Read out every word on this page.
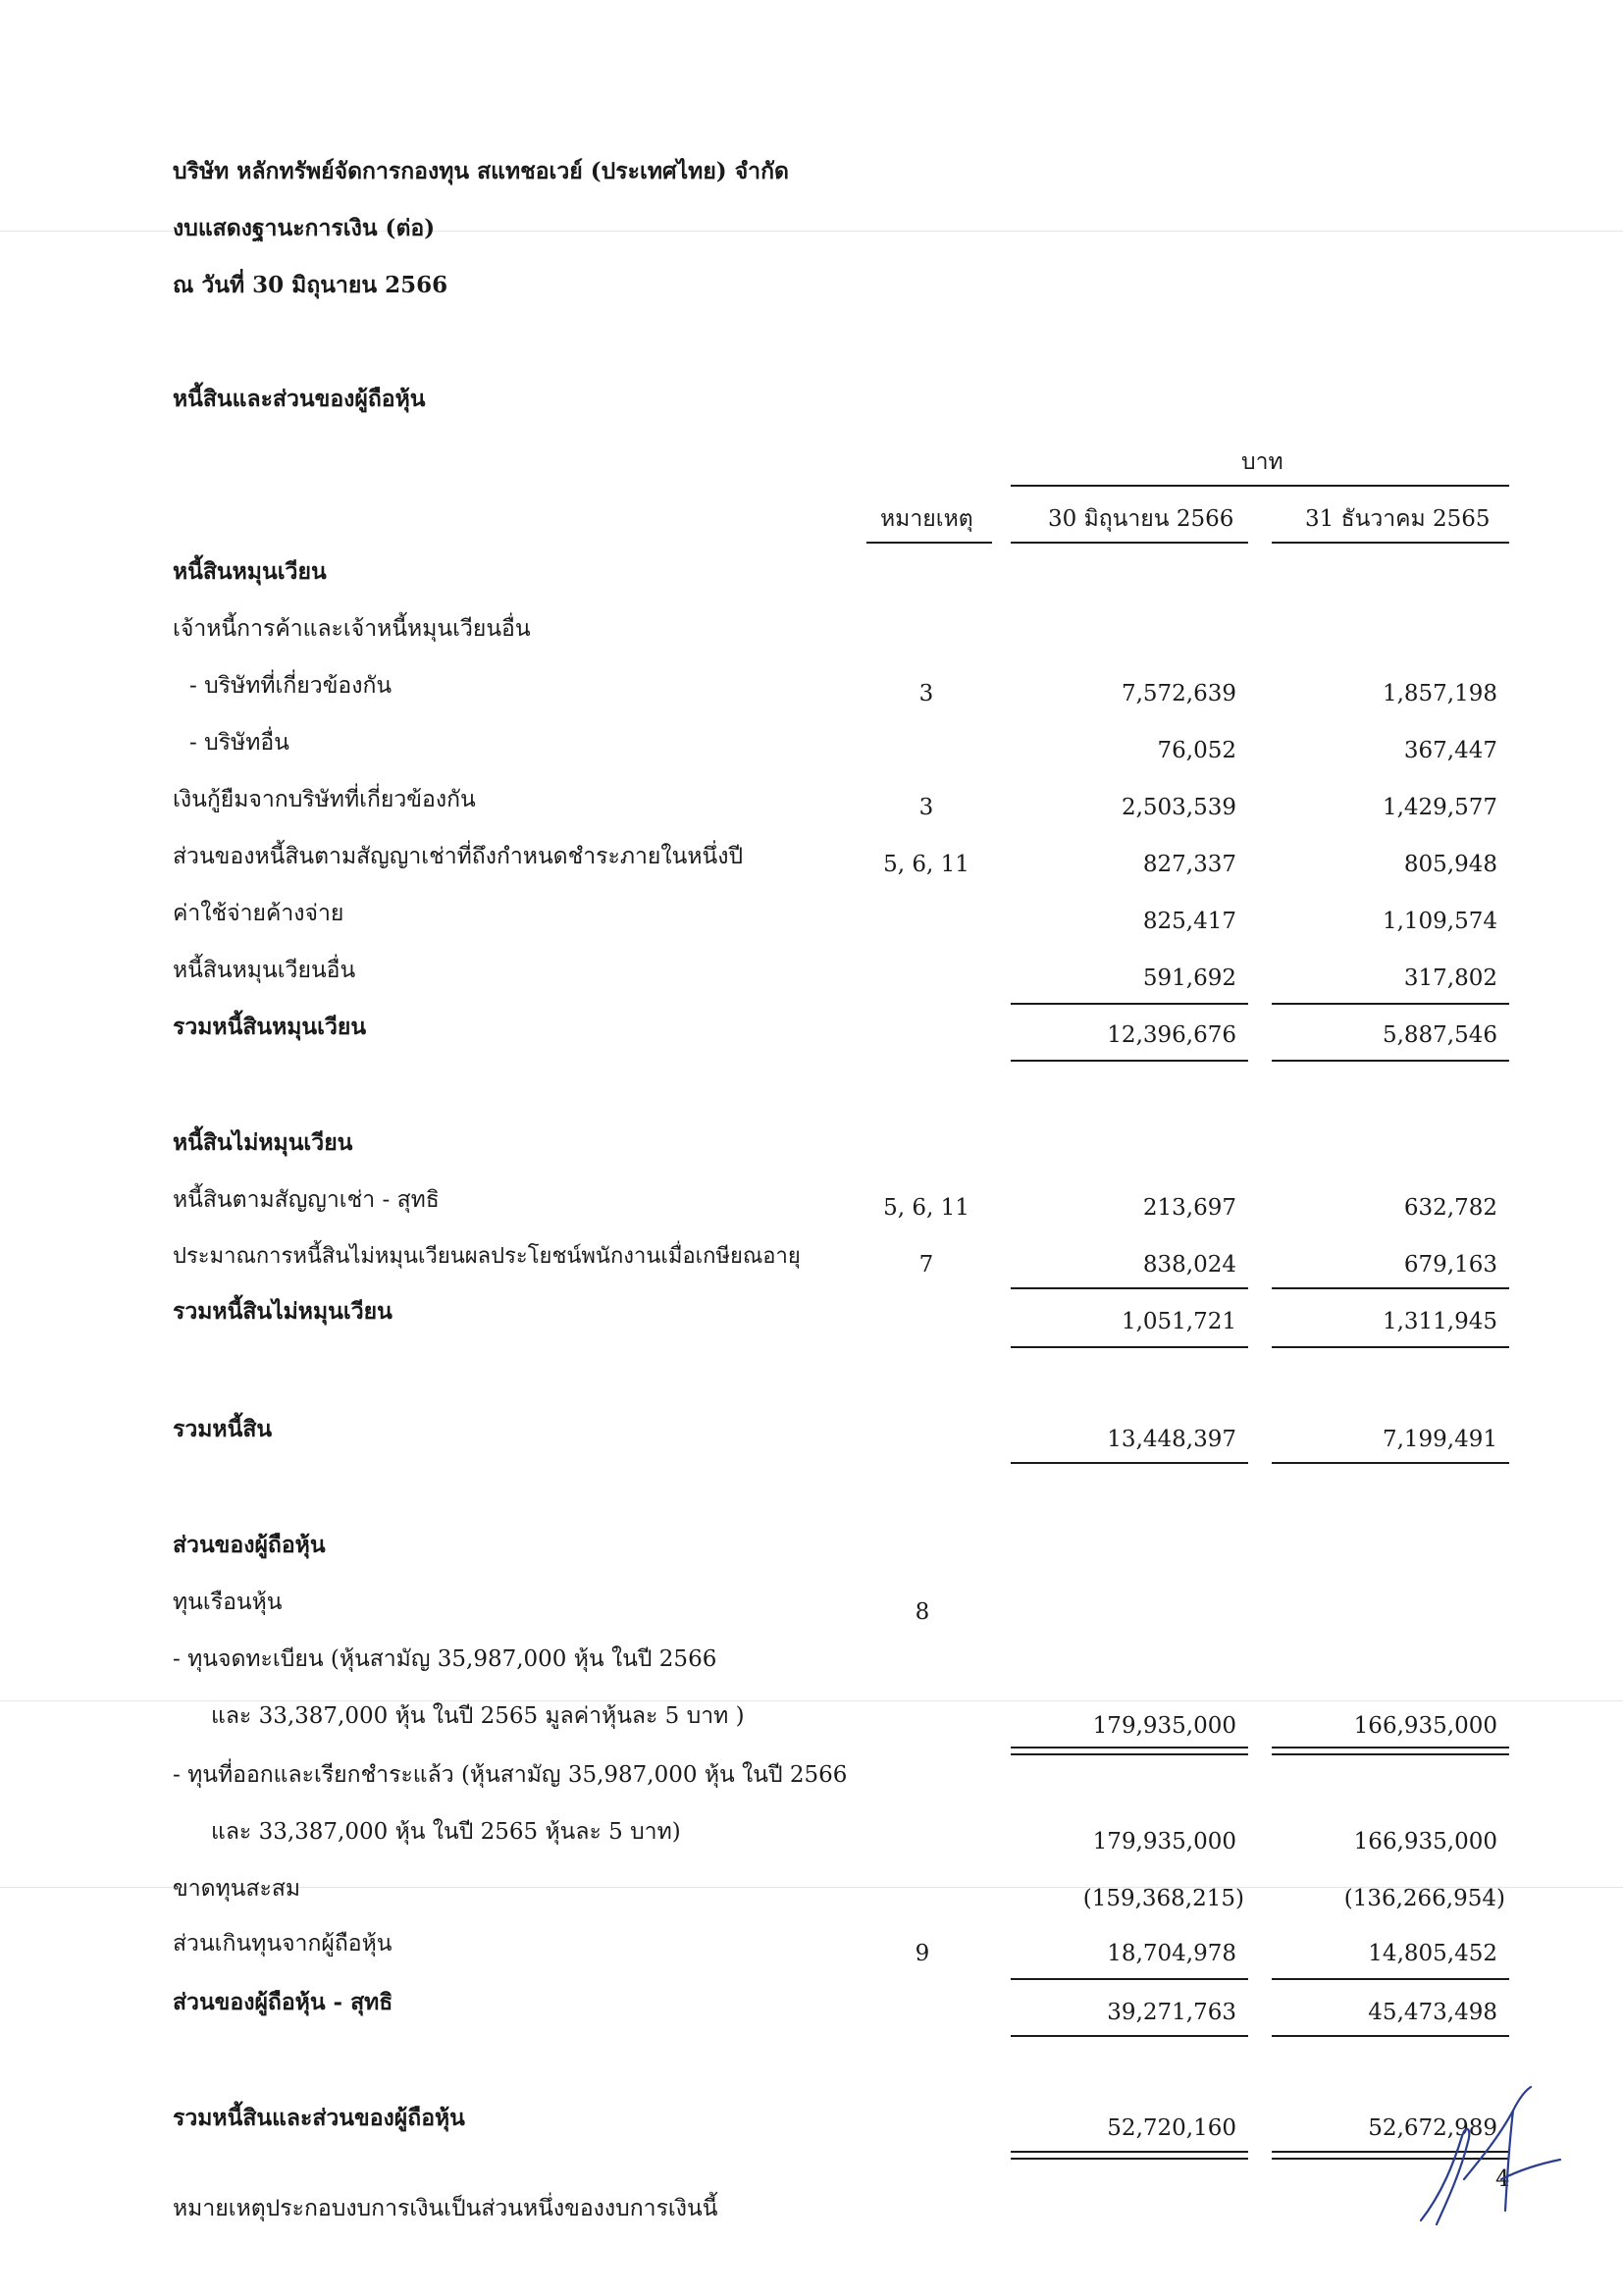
บริษัท หลักทรัพย์จัดการกองทุน สแทชอเวย์ (ประเทศไทย) จำกัด
งบแสดงฐานะการเงิน (ต่อ)
ณ วันที่ 30 มิถุนายน 2566
หนี้สินและส่วนของผู้ถือหุ้น
บาท
หมายเหตุ	30 มิถุนายน 2566	31 ธันวาคม 2565
หนี้สินหมุนเวียน
เจ้าหนี้การค้าและเจ้าหนี้หมุนเวียนอื่น
- บริษัทที่เกี่ยวข้องกัน	3	7,572,639	1,857,198
- บริษัทอื่น	76,052	367,447
เงินกู้ยืมจากบริษัทที่เกี่ยวข้องกัน	3	2,503,539	1,429,577
ส่วนของหนี้สินตามสัญญาเช่าที่ถึงกำหนดชำระภายในหนึ่งปี	5, 6, 11	827,337	805,948
ค่าใช้จ่ายค้างจ่าย	825,417	1,109,574
หนี้สินหมุนเวียนอื่น	591,692	317,802
รวมหนี้สินหมุนเวียน	12,396,676	5,887,546
หนี้สินไม่หมุนเวียน
หนี้สินตามสัญญาเช่า - สุทธิ	5, 6, 11	213,697	632,782
ประมาณการหนี้สินไม่หมุนเวียนผลประโยชน์พนักงานเมื่อเกษียณอายุ	7	838,024	679,163
รวมหนี้สินไม่หมุนเวียน	1,051,721	1,311,945
รวมหนี้สิน	13,448,397	7,199,491
ส่วนของผู้ถือหุ้น
ทุนเรือนหุ้น	8
- ทุนจดทะเบียน (หุ้นสามัญ 35,987,000 หุ้น ในปี 2566
และ 33,387,000 หุ้น ในปี 2565 มูลค่าหุ้นละ 5 บาท )	179,935,000	166,935,000
- ทุนที่ออกและเรียกชำระแล้ว (หุ้นสามัญ 35,987,000 หุ้น ในปี 2566
และ 33,387,000 หุ้น ในปี 2565 หุ้นละ 5 บาท)	179,935,000	166,935,000
ขาดทุนสะสม	(159,368,215)	(136,266,954)
ส่วนเกินทุนจากผู้ถือหุ้น	9	18,704,978	14,805,452
ส่วนของผู้ถือหุ้น - สุทธิ	39,271,763	45,473,498
รวมหนี้สินและส่วนของผู้ถือหุ้น	52,720,160	52,672,989
หมายเหตุประกอบงบการเงินเป็นส่วนหนึ่งของงบการเงินนี้
4
